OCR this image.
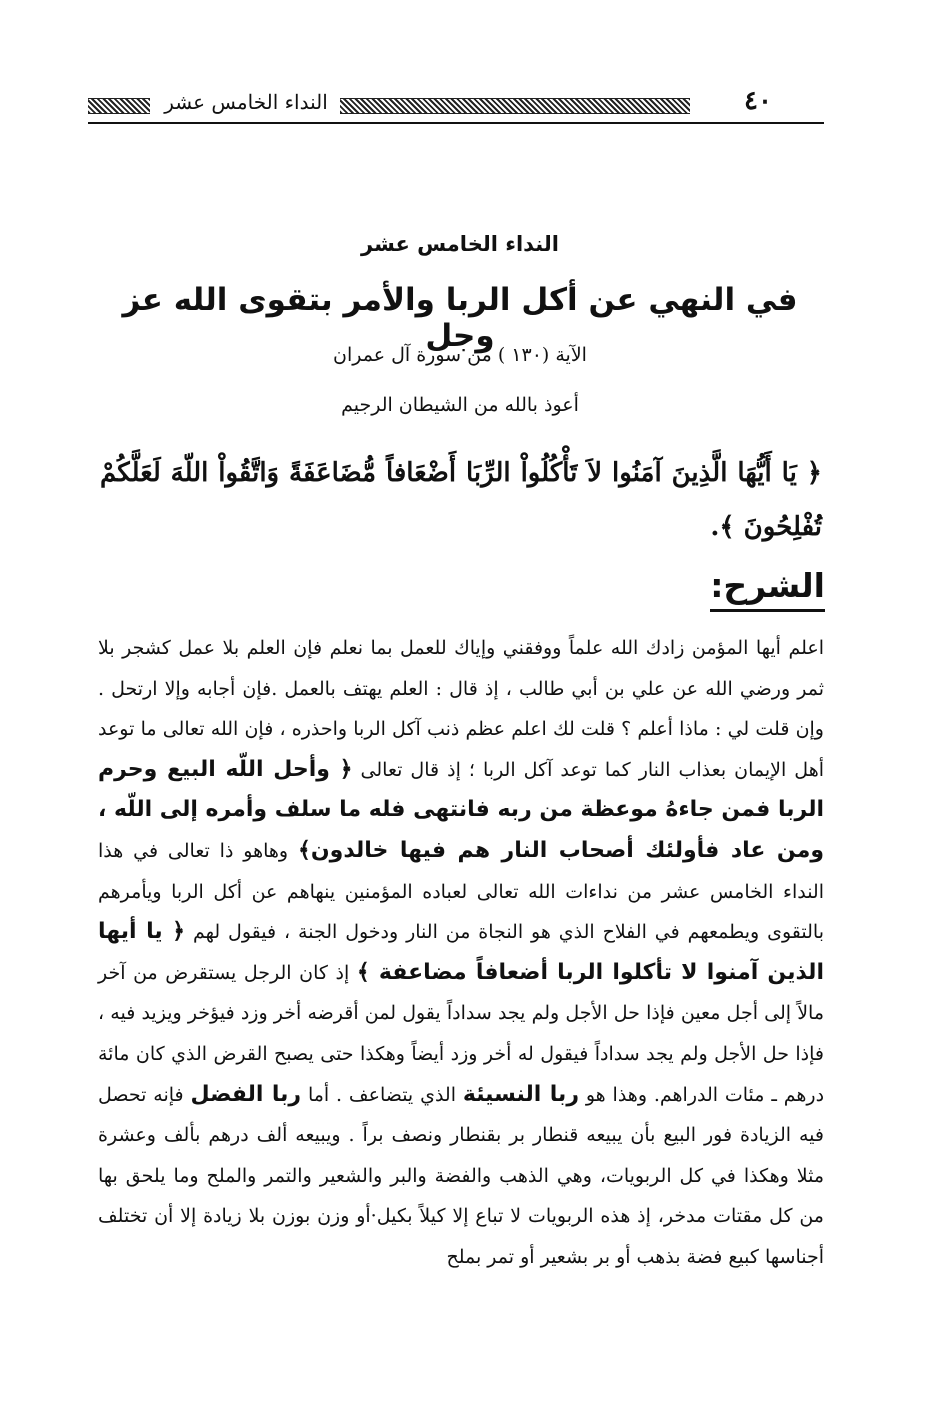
النداء الخامس عشر	٤٠
النداء الخامس عشر
في النهي عن أكل الربا والأمر بتقوى الله عز وجل
الآية (١٣٠ ) من سورة آل عمران
أعوذ بالله من الشيطان الرجيم
﴿ يَا أَيُّهَا الَّذِينَ آمَنُوا لاَ تَأْكُلُواْ الرِّبَا أَضْعَافاً مُّضَاعَفَةً وَاتَّقُواْ اللّهَ لَعَلَّكُمْ تُفْلِحُونَ ﴾.
الشرح:

اعلم أيها المؤمن زادك الله علماً ووفقني وإياك للعمل بما نعلم فإن العلم بلا عمل كشجر بلا ثمر ورضي الله عن علي بن أبي طالب ، إذ قال : العلم يهتف بالعمل .فإن أجابه وإلا ارتحل . وإن قلت لي : ماذا أعلم ؟ قلت لك اعلم عظم ذنب آكل الربا واحذره ، فإن الله تعالى ما توعد أهل الإيمان بعذاب النار كما توعد آكل الربا ؛ إذ قال تعالى ﴿ وأحل اللّه البيع وحرم الربا فمن جاءهُ موعظة من ربه فانتهى فله ما سلف وأمره إلى اللّه ، ومن عاد فأولئك أصحاب النار هم فيها خالدون﴾ وهاهو ذا تعالى في هذا النداء الخامس عشر من نداءات الله تعالى لعباده المؤمنين ينهاهم عن أكل الربا ويأمرهم بالتقوى ويطمعهم في الفلاح الذي هو النجاة من النار ودخول الجنة ، فيقول لهم ﴿ يا أيها الذين آمنوا لا تأكلوا الربا أضعافاً مضاعفة ﴾ إذ كان الرجل يستقرض من آخر مالاً إلى أجل معين فإذا حل الأجل ولم يجد سداداً يقول لمن أقرضه أخر وزد فيؤخر ويزيد فيه ، فإذا حل الأجل ولم يجد سداداً فيقول له أخر وزد أيضاً وهكذا حتى يصبح القرض الذي كان مائة درهم ـ مئات الدراهم. وهذا هو ربا النسيئة الذي يتضاعف . أما ربا الفضل فإنه تحصل فيه الزيادة فور البيع بأن يبيعه قنطار بر بقنطار ونصف براً . ويبيعه ألف درهم بألف وعشرة مثلا وهكذا في كل الربويات، وهي الذهب والفضة والبر والشعير والتمر والملح وما يلحق بها من كل مقتات مدخر، إذ هذه الربويات لا تباع إلا كيلاً بكيل·أو وزن بوزن بلا زيادة إلا أن تختلف أجناسها كبيع فضة بذهب أو بر بشعير أو تمر بملح
